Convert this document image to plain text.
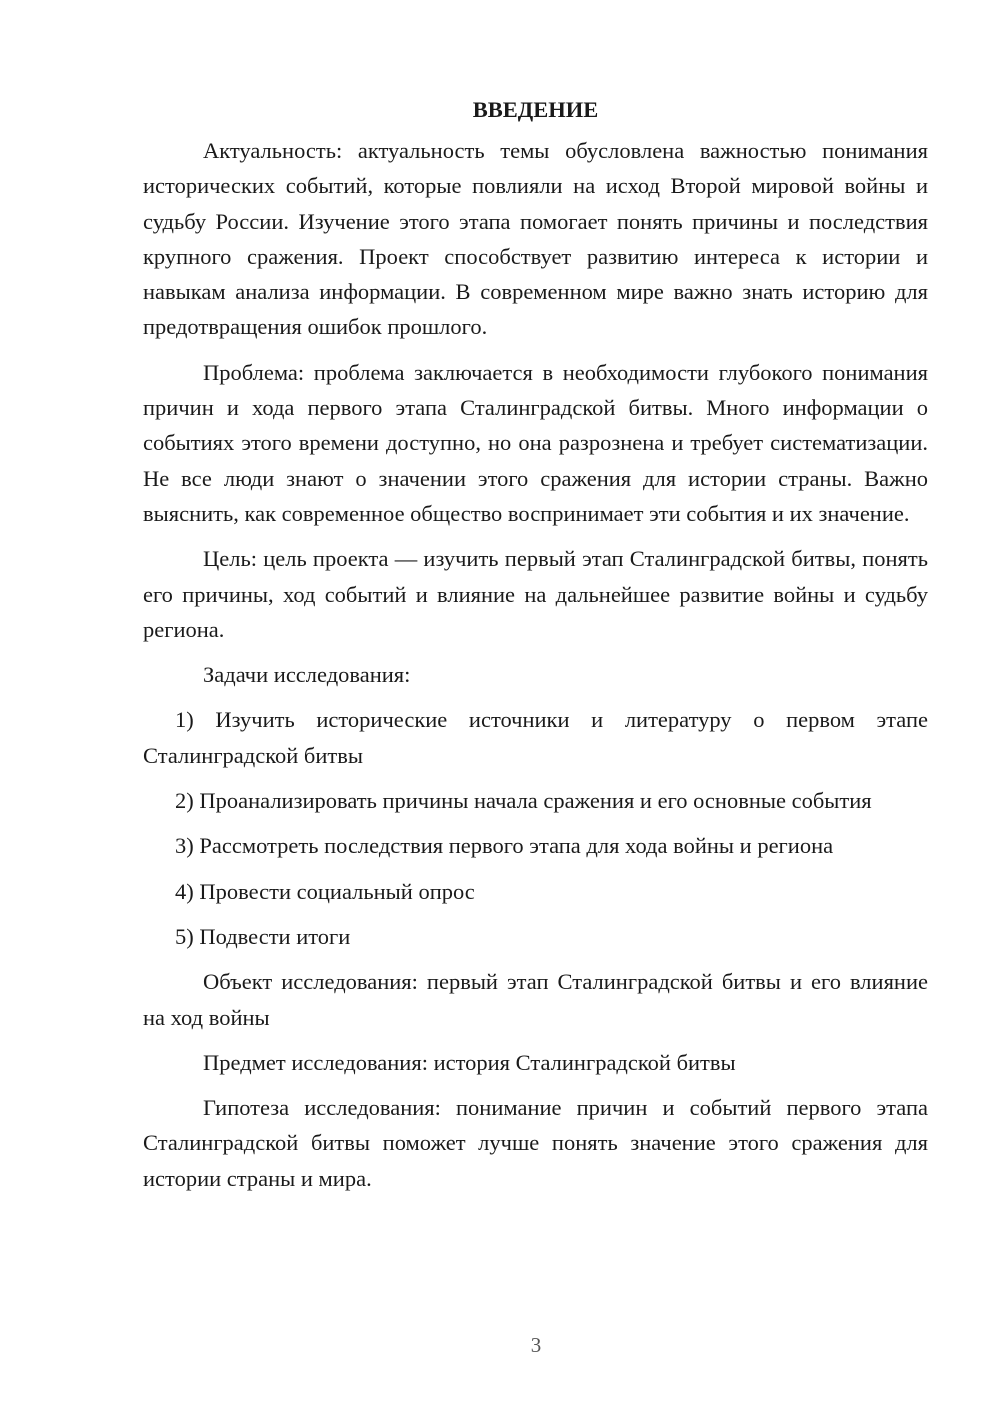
ВВЕДЕНИЕ

Актуальность: актуальность темы обусловлена важностью понимания исторических событий, которые повлияли на исход Второй мировой войны и судьбу России. Изучение этого этапа помогает понять причины и последствия крупного сражения. Проект способствует развитию интереса к истории и навыкам анализа информации. В современном мире важно знать историю для предотвращения ошибок прошлого.

Проблема: проблема заключается в необходимости глубокого понимания причин и хода первого этапа Сталинградской битвы. Много информации о событиях этого времени доступно, но она разрознена и требует систематизации. Не все люди знают о значении этого сражения для истории страны. Важно выяснить, как современное общество воспринимает эти события и их значение.

Цель: цель проекта — изучить первый этап Сталинградской битвы, понять его причины, ход событий и влияние на дальнейшее развитие войны и судьбу региона.

Задачи исследования:

1) Изучить исторические источники и литературу о первом этапе Сталинградской битвы

2) Проанализировать причины начала сражения и его основные события

3) Рассмотреть последствия первого этапа для хода войны и региона

4) Провести социальный опрос

5) Подвести итоги

Объект исследования: первый этап Сталинградской битвы и его влияние на ход войны

Предмет исследования: история Сталинградской битвы

Гипотеза исследования: понимание причин и событий первого этапа Сталинградской битвы поможет лучше понять значение этого сражения для истории страны и мира.

3
